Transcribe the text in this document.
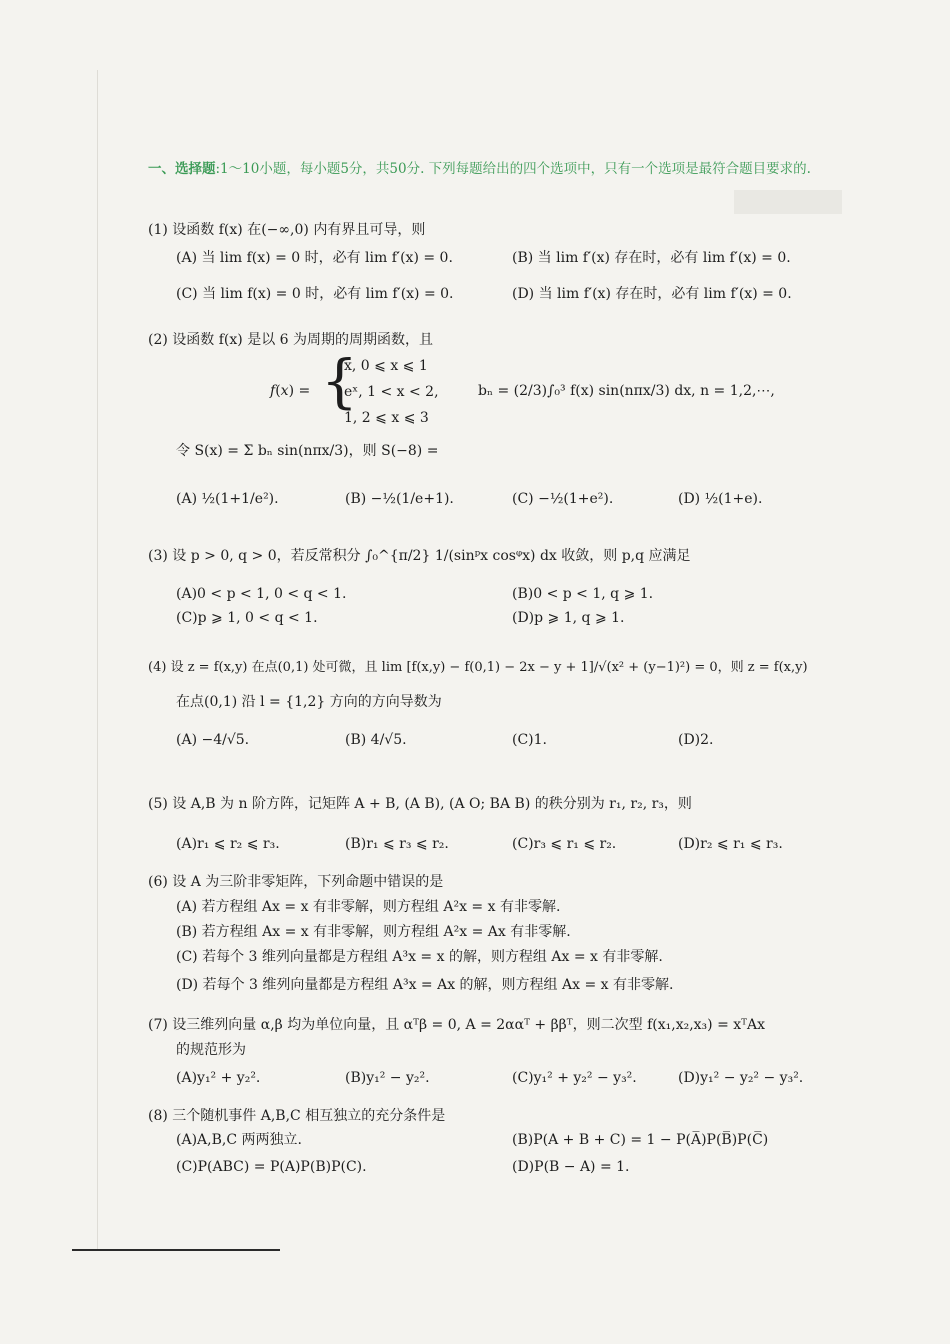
一、选择题:1～10小题，每小题5分，共50分. 下列每题给出的四个选项中，只有一个选项是最符合题目要求的.
(1) 设函数 f(x) 在(−∞,0) 内有界且可导，则
(A) 当 lim f(x) = 0 时，必有 lim f′(x) = 0.	(B) 当 lim f′(x) 存在时，必有 lim f′(x) = 0.
(C) 当 lim f(x) = 0 时，必有 lim f′(x) = 0.	(D) 当 lim f′(x) 存在时，必有 lim f′(x) = 0.
(2) 设函数 f(x) 是以 6 为周期的周期函数，且
f(x) = {
x, 0 ⩽ x ⩽ 1
eˣ, 1 < x < 2,
1, 2 ⩽ x ⩽ 3
bₙ = (2/3)∫₀³ f(x) sin(nπx/3) dx, n = 1,2,⋯,
令 S(x) = Σ bₙ sin(nπx/3)，则 S(−8) =
(A) ½(1+1/e²).	(B) −½(1/e+1).	(C) −½(1+e²).	(D) ½(1+e).
(3) 设 p > 0, q > 0，若反常积分 ∫₀^{π/2} 1/(sinᵖx cosᵠx) dx 收敛，则 p,q 应满足
(A)0 < p < 1, 0 < q < 1.	(B)0 < p < 1, q ⩾ 1.
(C)p ⩾ 1, 0 < q < 1.	(D)p ⩾ 1, q ⩾ 1.
(4) 设 z = f(x,y) 在点(0,1) 处可微，且 lim [f(x,y) − f(0,1) − 2x − y + 1]/√(x² + (y−1)²) = 0，则 z = f(x,y)
在点(0,1) 沿 l = {1,2} 方向的方向导数为
(A) −4/√5.	(B) 4/√5.	(C)1.	(D)2.
(5) 设 A,B 为 n 阶方阵，记矩阵 A + B, (A B), (A O; BA B) 的秩分别为 r₁, r₂, r₃，则
(A)r₁ ⩽ r₂ ⩽ r₃.	(B)r₁ ⩽ r₃ ⩽ r₂.	(C)r₃ ⩽ r₁ ⩽ r₂.	(D)r₂ ⩽ r₁ ⩽ r₃.
(6) 设 A 为三阶非零矩阵，下列命题中错误的是
(A) 若方程组 Ax = x 有非零解，则方程组 A²x = x 有非零解.
(B) 若方程组 Ax = x 有非零解，则方程组 A²x = Ax 有非零解.
(C) 若每个 3 维列向量都是方程组 A³x = x 的解，则方程组 Ax = x 有非零解.
(D) 若每个 3 维列向量都是方程组 A³x = Ax 的解，则方程组 Ax = x 有非零解.
(7) 设三维列向量 α,β 均为单位向量，且 αᵀβ = 0, A = 2ααᵀ + ββᵀ，则二次型 f(x₁,x₂,x₃) = xᵀAx
的规范形为
(A)y₁² + y₂².	(B)y₁² − y₂².	(C)y₁² + y₂² − y₃².	(D)y₁² − y₂² − y₃².
(8) 三个随机事件 A,B,C 相互独立的充分条件是
(A)A,B,C 两两独立.	(B)P(A + B + C) = 1 − P(A̅)P(B̅)P(C̅)
(C)P(ABC) = P(A)P(B)P(C).	(D)P(B − A) = 1.
